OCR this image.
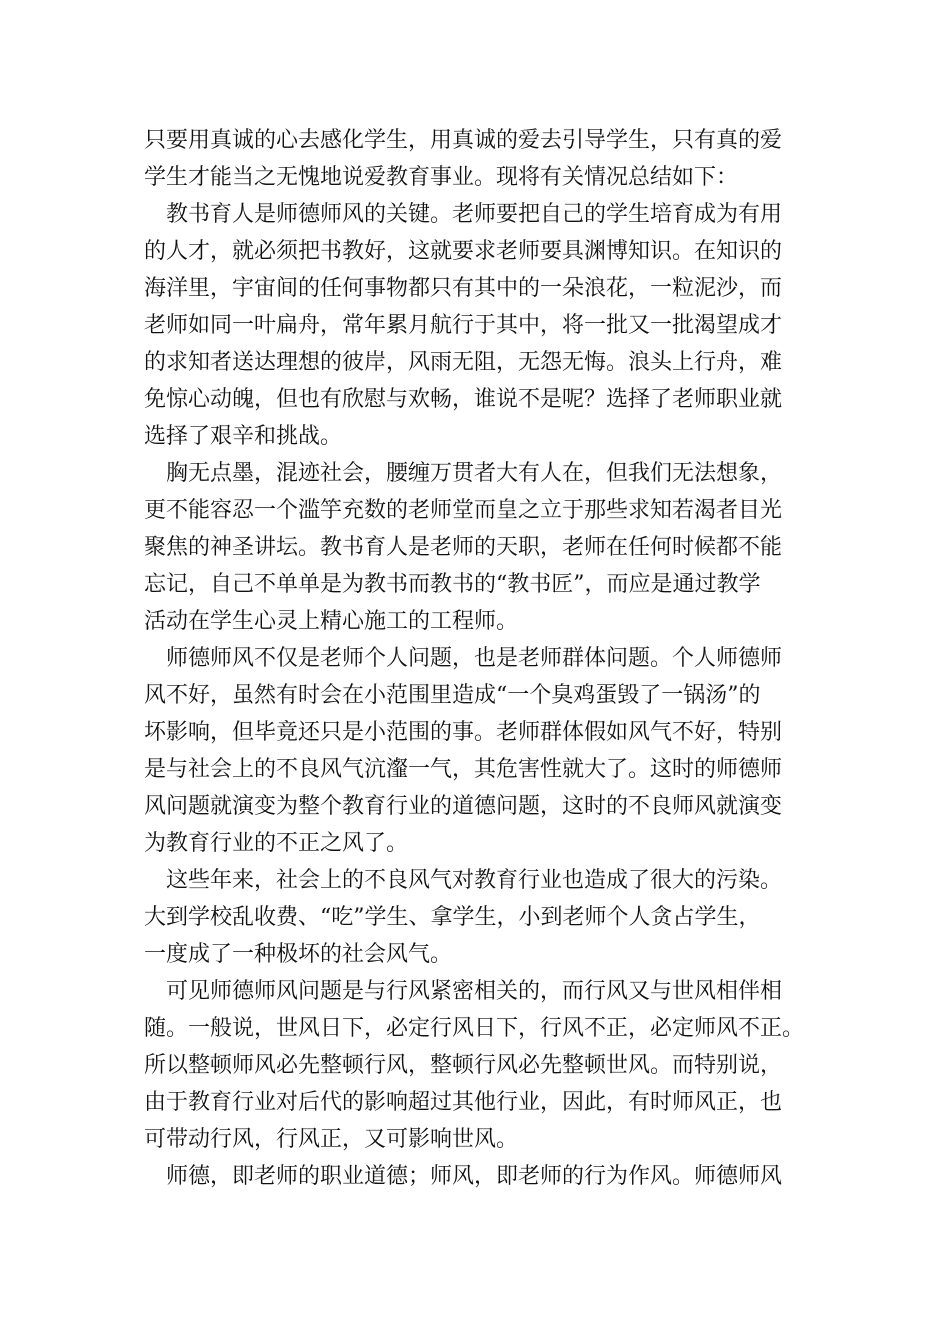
只要用真诚的心去感化学生，用真诚的爱去引导学生，只有真的爱
学生才能当之无愧地说爱教育事业。现将有关情况总结如下：
教书育人是师德师风的关键。老师要把自己的学生培育成为有用
的人才，就必须把书教好，这就要求老师要具渊博知识。在知识的
海洋里，宇宙间的任何事物都只有其中的一朵浪花，一粒泥沙，而
老师如同一叶扁舟，常年累月航行于其中，将一批又一批渴望成才
的求知者送达理想的彼岸，风雨无阻，无怨无悔。浪头上行舟，难
免惊心动魄，但也有欣慰与欢畅，谁说不是呢？选择了老师职业就
选择了艰辛和挑战。
胸无点墨，混迹社会，腰缠万贯者大有人在，但我们无法想象，
更不能容忍一个滥竽充数的老师堂而皇之立于那些求知若渴者目光
聚焦的神圣讲坛。教书育人是老师的天职，老师在任何时候都不能
忘记，自己不单单是为教书而教书的“教书匠”，而应是通过教学
活动在学生心灵上精心施工的工程师。
师德师风不仅是老师个人问题，也是老师群体问题。个人师德师
风不好，虽然有时会在小范围里造成“一个臭鸡蛋毁了一锅汤”的
坏影响，但毕竟还只是小范围的事。老师群体假如风气不好，特别
是与社会上的不良风气沆瀣一气，其危害性就大了。这时的师德师
风问题就演变为整个教育行业的道德问题，这时的不良师风就演变
为教育行业的不正之风了。
这些年来，社会上的不良风气对教育行业也造成了很大的污染。
大到学校乱收费、“吃”学生、拿学生，小到老师个人贪占学生，
一度成了一种极坏的社会风气。
可见师德师风问题是与行风紧密相关的，而行风又与世风相伴相
随。一般说，世风日下，必定行风日下，行风不正，必定师风不正。
所以整顿师风必先整顿行风，整顿行风必先整顿世风。而特别说，
由于教育行业对后代的影响超过其他行业，因此，有时师风正，也
可带动行风，行风正，又可影响世风。
师德，即老师的职业道德；师风，即老师的行为作风。师德师风
